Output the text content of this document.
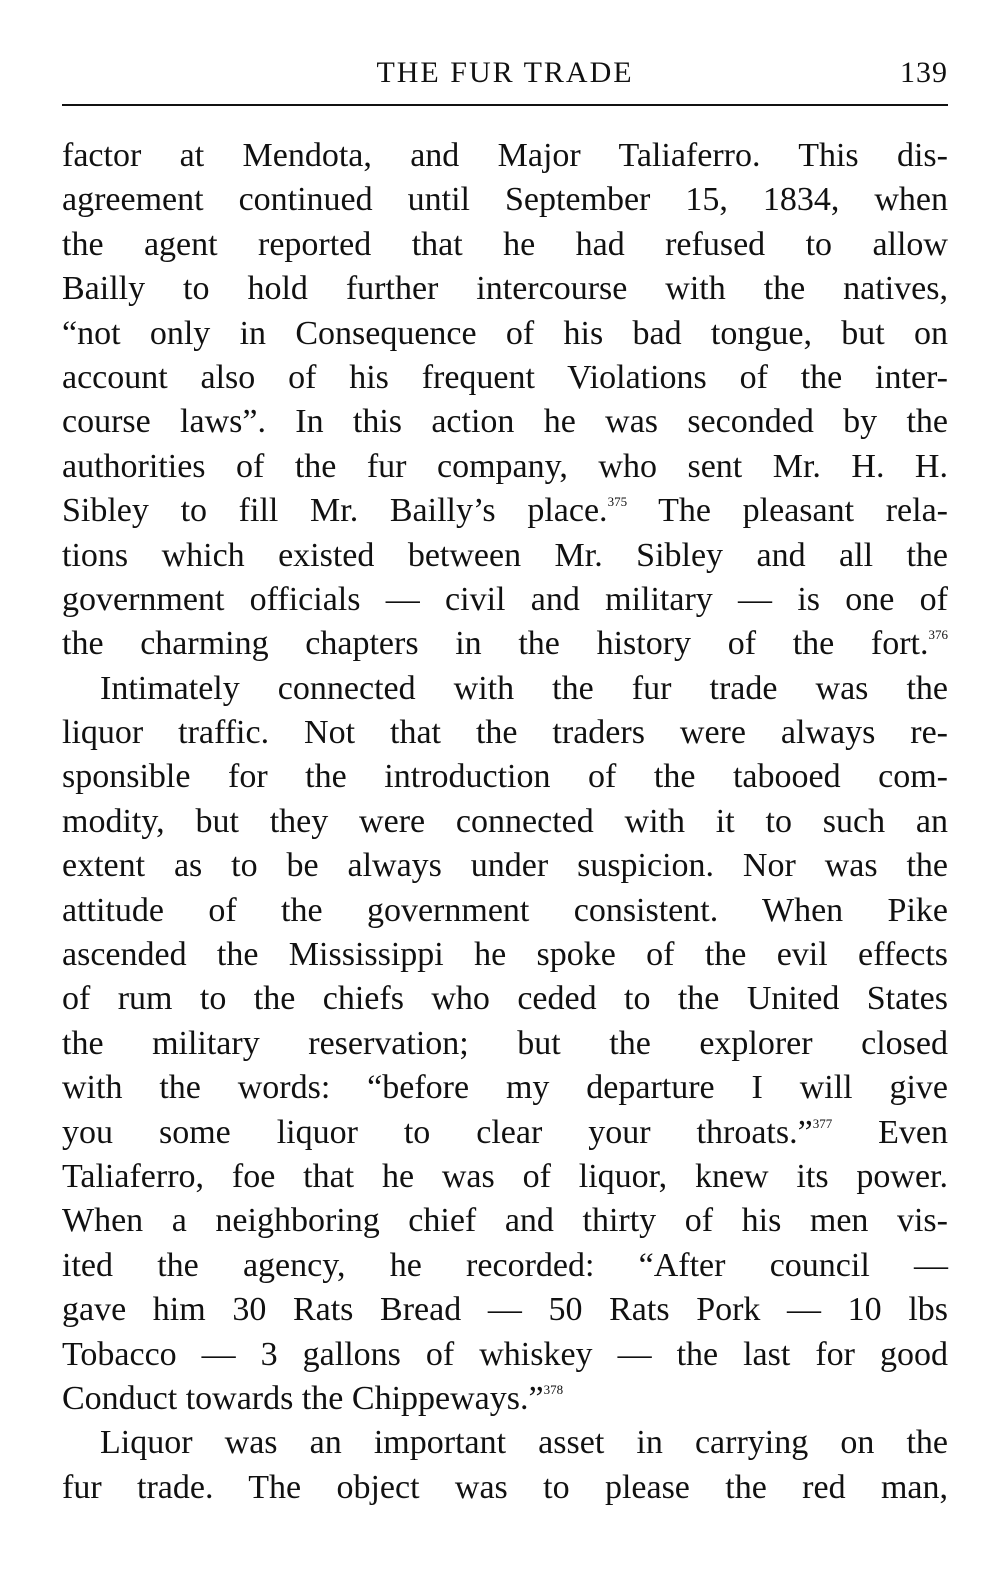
THE FUR TRADE	139
factor at Mendota, and Major Taliaferro. This dis-
agreement continued until September 15, 1834, when
the agent reported that he had refused to allow
Bailly to hold further intercourse with the natives,
“not only in Consequence of his bad tongue, but on
account also of his frequent Violations of the inter-
course laws”. In this action he was seconded by the
authorities of the fur company, who sent Mr. H. H.
Sibley to fill Mr. Bailly’s place.$^{375}$ The pleasant rela-
tions which existed between Mr. Sibley and all the
government officials — civil and military — is one of
the charming chapters in the history of the fort.$^{376}$
Intimately connected with the fur trade was the
liquor traffic. Not that the traders were always re-
sponsible for the introduction of the tabooed com-
modity, but they were connected with it to such an
extent as to be always under suspicion. Nor was the
attitude of the government consistent. When Pike
ascended the Mississippi he spoke of the evil effects
of rum to the chiefs who ceded to the United States
the military reservation; but the explorer closed
with the words: “before my departure I will give
you some liquor to clear your throats.”$^{377}$ Even
Taliaferro, foe that he was of liquor, knew its power.
When a neighboring chief and thirty of his men vis-
ited the agency, he recorded: “After council —
gave him 30 Rats Bread — 50 Rats Pork — 10 lbs
Tobacco — 3 gallons of whiskey — the last for good
Conduct towards the Chippeways.”$^{378}$
Liquor was an important asset in carrying on the
fur trade. The object was to please the red man,
